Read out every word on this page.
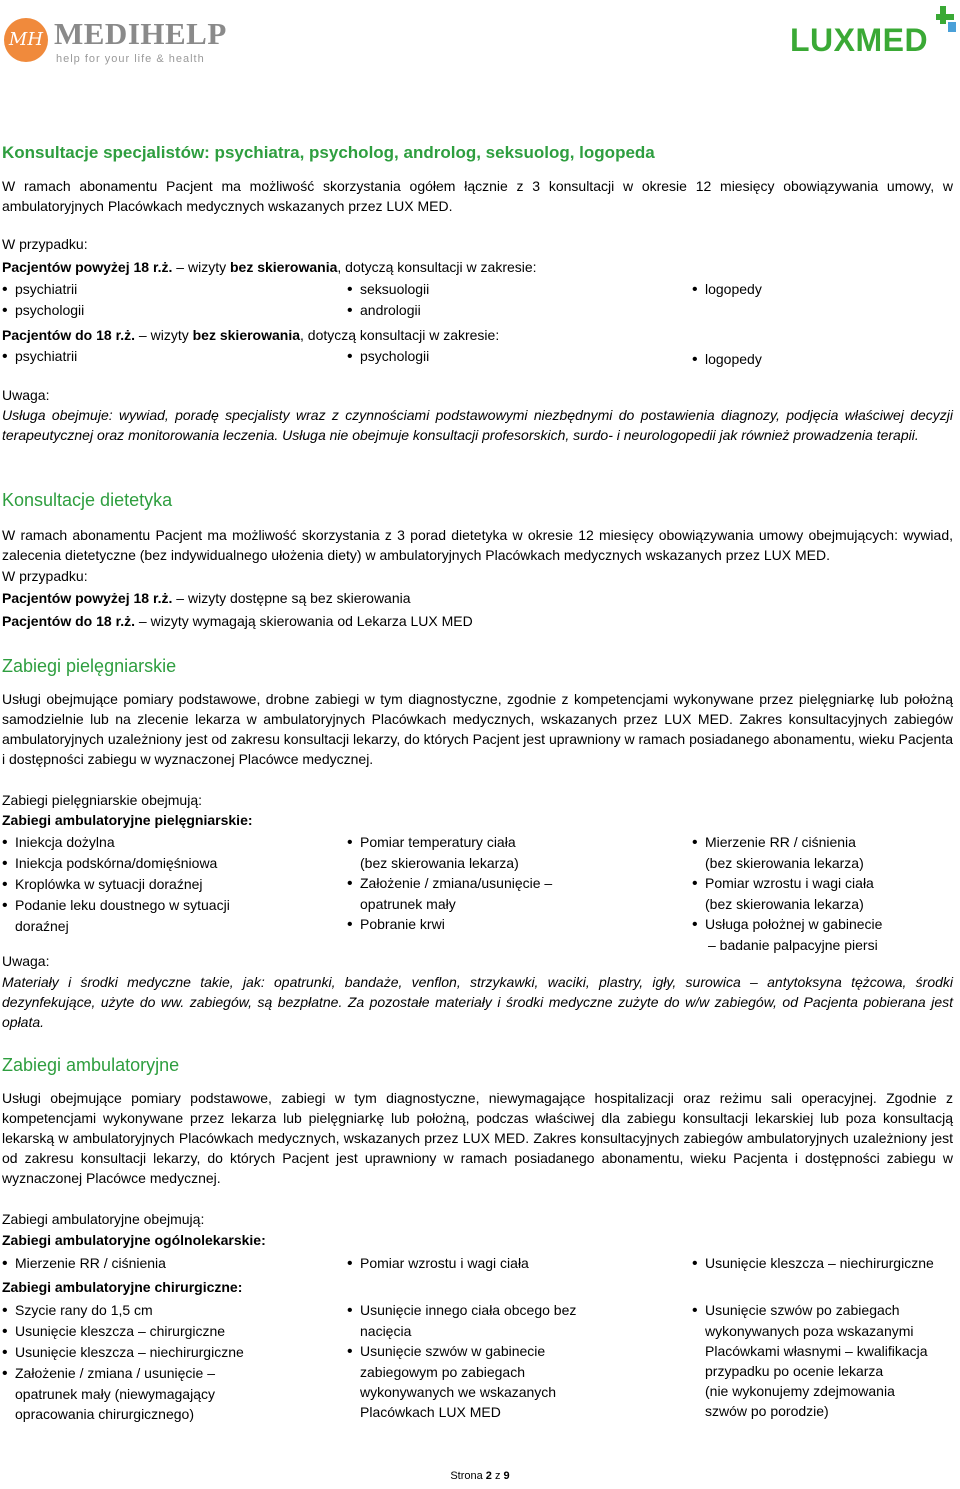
MH MEDIHELP
help for your life & health
LUXMED
Konsultacje specjalistów: psychiatra, psycholog, androlog, seksuolog, logopeda

W ramach abonamentu Pacjent ma możliwość skorzystania ogółem łącznie z 3 konsultacji w okresie 12 miesięcy obowiązywania umowy, w ambulatoryjnych Placówkach medycznych wskazanych przez LUX MED.

W przypadku:
Pacjentów powyżej 18 r.ż. – wizyty bez skierowania, dotyczą konsultacji w zakresie:
• psychiatrii	• seksuologii	• logopedy
• psychologii	• andrologii
Pacjentów do 18 r.ż. – wizyty bez skierowania, dotyczą konsultacji w zakresie:
• psychiatrii	• psychologii	• logopedy
Uwaga:

Usługa obejmuje: wywiad, poradę specjalisty wraz z czynnościami podstawowymi niezbędnymi do postawienia diagnozy, podjęcia właściwej decyzji terapeutycznej oraz monitorowania leczenia. Usługa nie obejmuje konsultacji profesorskich, surdo- i neurologopedii jak również prowadzenia terapii.

Konsultacje dietetyka

W ramach abonamentu Pacjent ma możliwość skorzystania z 3 porad dietetyka w okresie 12 miesięcy obowiązywania umowy obejmujących: wywiad, zalecenia dietetyczne (bez indywidualnego ułożenia diety) w ambulatoryjnych Placówkach medycznych wskazanych przez LUX MED.

W przypadku:
Pacjentów powyżej 18 r.ż. – wizyty dostępne są bez skierowania
Pacjentów do 18 r.ż. – wizyty wymagają skierowania od Lekarza LUX MED
Zabiegi pielęgniarskie

Usługi obejmujące pomiary podstawowe, drobne zabiegi w tym diagnostyczne, zgodnie z kompetencjami wykonywane przez pielęgniarkę lub położną samodzielnie lub na zlecenie lekarza w ambulatoryjnych Placówkach medycznych, wskazanych przez LUX MED. Zakres konsultacyjnych zabiegów ambulatoryjnych uzależniony jest od zakresu konsultacji lekarzy, do których Pacjent jest uprawniony w ramach posiadanego abonamentu, wieku Pacjenta i dostępności zabiegu w wyznaczonej Placówce medycznej.

Zabiegi pielęgniarskie obejmują:
Zabiegi ambulatoryjne pielęgniarskie:
• Iniekcja dożylna
• Iniekcja podskórna/domięśniowa
• Kroplówka w sytuacji doraźnej
• Podanie leku doustnego w sytuacji
doraźnej
• Pomiar temperatury ciała
(bez skierowania lekarza)
• Założenie / zmiana/usunięcie –
opatrunek mały
• Pobranie krwi
• Mierzenie RR / ciśnienia
(bez skierowania lekarza)
• Pomiar wzrostu i wagi ciała
(bez skierowania lekarza)
• Usługa położnej w gabinecie
– badanie palpacyjne piersi
Uwaga:

Materiały i środki medyczne takie, jak: opatrunki, bandaże, venflon, strzykawki, waciki, plastry, igły, surowica – antytoksyna tężcowa, środki dezynfekujące, użyte do ww. zabiegów, są bezpłatne. Za pozostałe materiały i środki medyczne zużyte do w/w zabiegów, od Pacjenta pobierana jest opłata.

Zabiegi ambulatoryjne

Usługi obejmujące pomiary podstawowe, zabiegi w tym diagnostyczne, niewymagające hospitalizacji oraz reżimu sali operacyjnej. Zgodnie z kompetencjami wykonywane przez lekarza lub pielęgniarkę lub położną, podczas właściwej dla zabiegu konsultacji lekarskiej lub poza konsultacją lekarską w ambulatoryjnych Placówkach medycznych, wskazanych przez LUX MED. Zakres konsultacyjnych zabiegów ambulatoryjnych uzależniony jest od zakresu konsultacji lekarzy, do których Pacjent jest uprawniony w ramach posiadanego abonamentu, wieku Pacjenta i dostępności zabiegu w wyznaczonej Placówce medycznej.

Zabiegi ambulatoryjne obejmują:
Zabiegi ambulatoryjne ogólnolekarskie:
• Mierzenie RR / ciśnienia	• Pomiar wzrostu i wagi ciała	• Usunięcie kleszcza – niechirurgiczne
Zabiegi ambulatoryjne chirurgiczne:
• Szycie rany do 1,5 cm
• Usunięcie kleszcza – chirurgiczne
• Usunięcie kleszcza – niechirurgiczne
• Założenie / zmiana / usunięcie –
opatrunek mały (niewymagający
opracowania chirurgicznego)
• Usunięcie innego ciała obcego bez
nacięcia
• Usunięcie szwów w gabinecie
zabiegowym po zabiegach
wykonywanych we wskazanych
Placówkach LUX MED
• Usunięcie szwów po zabiegach
wykonywanych poza wskazanymi
Placówkami własnymi – kwalifikacja
przypadku po ocenie lekarza
(nie wykonujemy zdejmowania
szwów po porodzie)
Strona 2 z 9
